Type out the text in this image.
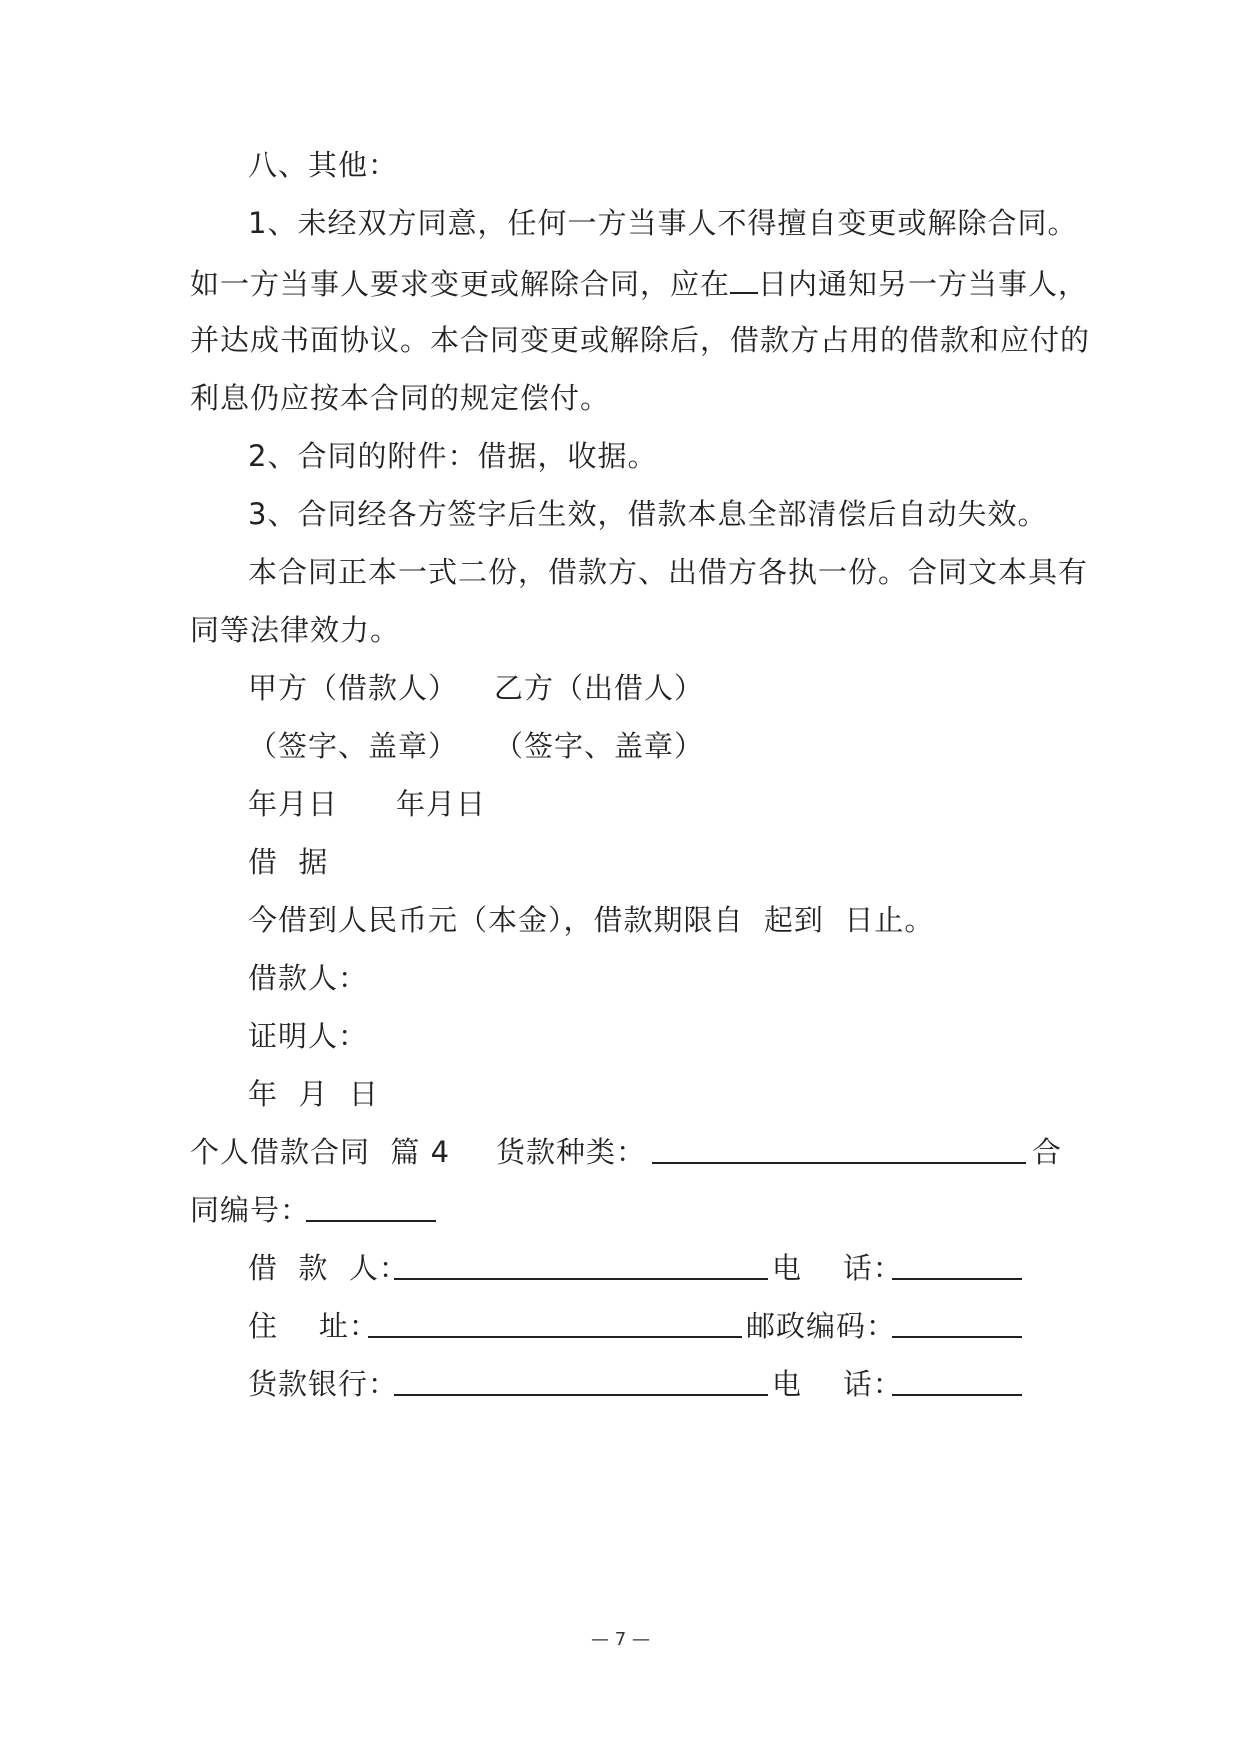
八、其他：
1、未经双方同意，任何一方当事人不得擅自变更或解除合同。
如一方当事人要求变更或解除合同，应在 日内通知另一方当事人，
并达成书面协议。本合同变更或解除后，借款方占用的借款和应付的
利息仍应按本合同的规定偿付。
2、合同的附件：借据，收据。
3、合同经各方签字后生效，借款本息全部清偿后自动失效。
本合同正本一式二份，借款方、出借方各执一份。合同文本具有
同等法律效力。
甲方（借款人） 乙方（出借人）
（签字、盖章） （签字、盖章）
年月日 年月日
借  据
今借到人民币元（本金），借款期限自  起到  日止。
借款人：
证明人：
年  月  日
个人借款合同  篇 4 货款种类：	合
同编号：
借  款  人：	电    话：
住    址：	邮政编码：
货款银行：	电    话：
— 7 —
